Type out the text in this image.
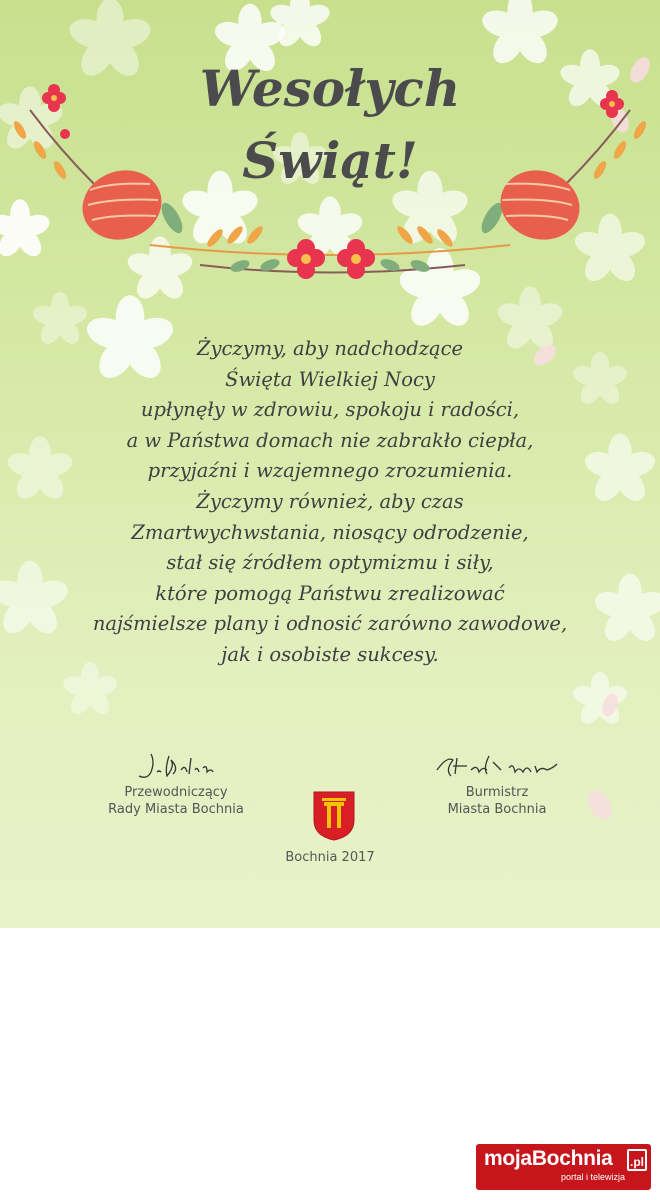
Wesołych
Świąt!
Życzymy, aby nadchodzące
Święta Wielkiej Nocy
upłynęły w zdrowiu, spokoju i radości,
a w Państwa domach nie zabrakło ciepła,
przyjaźni i wzajemnego zrozumienia.
Życzymy również, aby czas
Zmartwychwstania, niosący odrodzenie,
stał się źródłem optymizmu i siły,
które pomogą Państwu zrealizować
najśmielsze plany i odnosić zarówno zawodowe,
jak i osobiste sukcesy.
Przewodniczący
Rady Miasta Bochnia
Burmistrz
Miasta Bochnia
Bochnia 2017
mojaBochnia .pl
portal i telewizja
